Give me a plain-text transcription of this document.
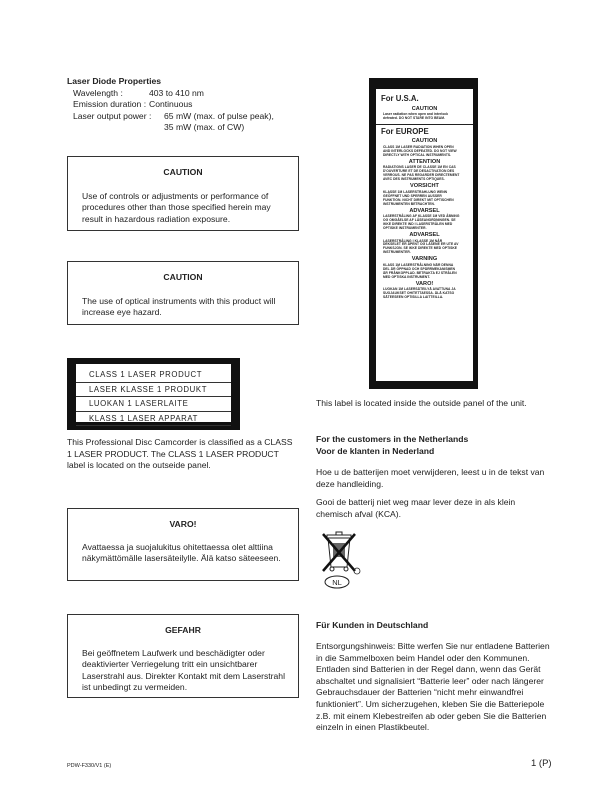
Laser Diode Properties
Wavelength :	403 to 410 nm
Emission duration : Continuous
Laser output power :	65 mW (max. of pulse peak),
35 mW (max. of CW)
CAUTION
Use of controls or adjustments or performance of procedures other than those specified herein may result in hazardous radiation exposure.
CAUTION
The use of optical instruments with this product will increase eye hazard.
CLASS 1 LASER PRODUCT
LASER KLASSE 1 PRODUKT
LUOKAN 1 LASERLAITE
KLASS 1 LASER APPARAT
This Professional Disc Camcorder is classified as a CLASS 1 LASER PRODUCT. The CLASS 1 LASER PRODUCT label is located on the outseide panel.
VARO!
Avattaessa ja suojalukitus ohitettaessa olet alttiina näkymättömälle lasersäteilylle. Älä katso säteeseen.
GEFAHR
Bei geöffnetem Laufwerk und beschädigter oder deaktivierter Verriegelung tritt ein unsichtbarer Laserstrahl aus. Direkter Kontakt mit dem Laserstrahl ist unbedingt zu vermeiden.
For U.S.A.
CAUTION
Laser radiation when open and interlock defeated. DO NOT STARE INTO BEAM.
For EUROPE
CAUTION
CLASS 1M LASER RADIATION WHEN OPEN AND INTERLOCKS DEFEATED. DO NOT VIEW DIRECTLY WITH OPTICAL INSTRUMENTS.
ATTENTION
RADIATIONS LASER DE CLASSE 1M EN CAS D'OUVERTURE ET DE DESACTIVATION DES VERROUS. NE PAS REGARDER DIRECTEMENT AVEC DES INSTRUMENTS OPTIQUES.
VORSICHT
KLASSE 1M LASERSTRAHLUNG WENN GEÖFFNET UND SPERREN AUSSER FUNKTION. NICHT DIREKT MIT OPTISCHEN INSTRUMENTEN BETRACHTEN.
ADVARSEL
LASERSTRÅLING AF KLASSE 1M VED ÅBNING OG OMGÅELSE AF LÅSEANORDNINGEN. SE IKKE DIREKTE IND I LASERSTRÅLEN MED OPTISKE INSTRUMENTER.
ADVARSEL
LASERSTRÅLING I KLASSE 1M NÅR DEKSELET ER ÅPENT OG LÅSENE ER UTE AV FUNKSJON. SE IKKE DIREKTE MED OPTISKE INSTRUMENTER.
VARNING
KLASS 1M LASERSTRÅLNING NÄR DENNA DEL ÄR ÖPPNAD OCH SPÄRRMEKANISMEN ÄR FRÅNKOPPLAD. BETRAKTA EJ STRÅLEN MED OPTISKA INSTRUMENT.
VARO!
LUOKAN 1M LASERSÄTEILYÄ AVATTUNA JA SUOJAUKSET OHITETTAESSA. ÄLÄ KATSO SÄTEESEEN OPTISILLA LAITTEILLA.
This label is located inside the outside panel of the unit.
For the customers in the Netherlands
Voor de klanten in Nederland
Hoe u de batterijen moet verwijderen, leest u in de tekst van deze handleiding.
Gooi de batterij niet weg maar lever deze in als klein chemisch afval (KCA).
NL
Für Kunden in Deutschland
Entsorgungshinweis: Bitte werfen Sie nur entladene Batterien in die Sammelboxen beim Handel oder den Kommunen. Entladen sind Batterien in der Regel dann, wenn das Gerät abschaltet und signalisiert “Batterie leer” oder nach längerer Gebrauchsdauer der Batterien “nicht mehr einwandfrei funktioniert”. Um sicherzugehen, kleben Sie die Batteriepole z.B. mit einem Klebestreifen ab oder geben Sie die Batterien einzeln in einen Plastikbeutel.
PDW-F330/V1 (E)	1 (P)
